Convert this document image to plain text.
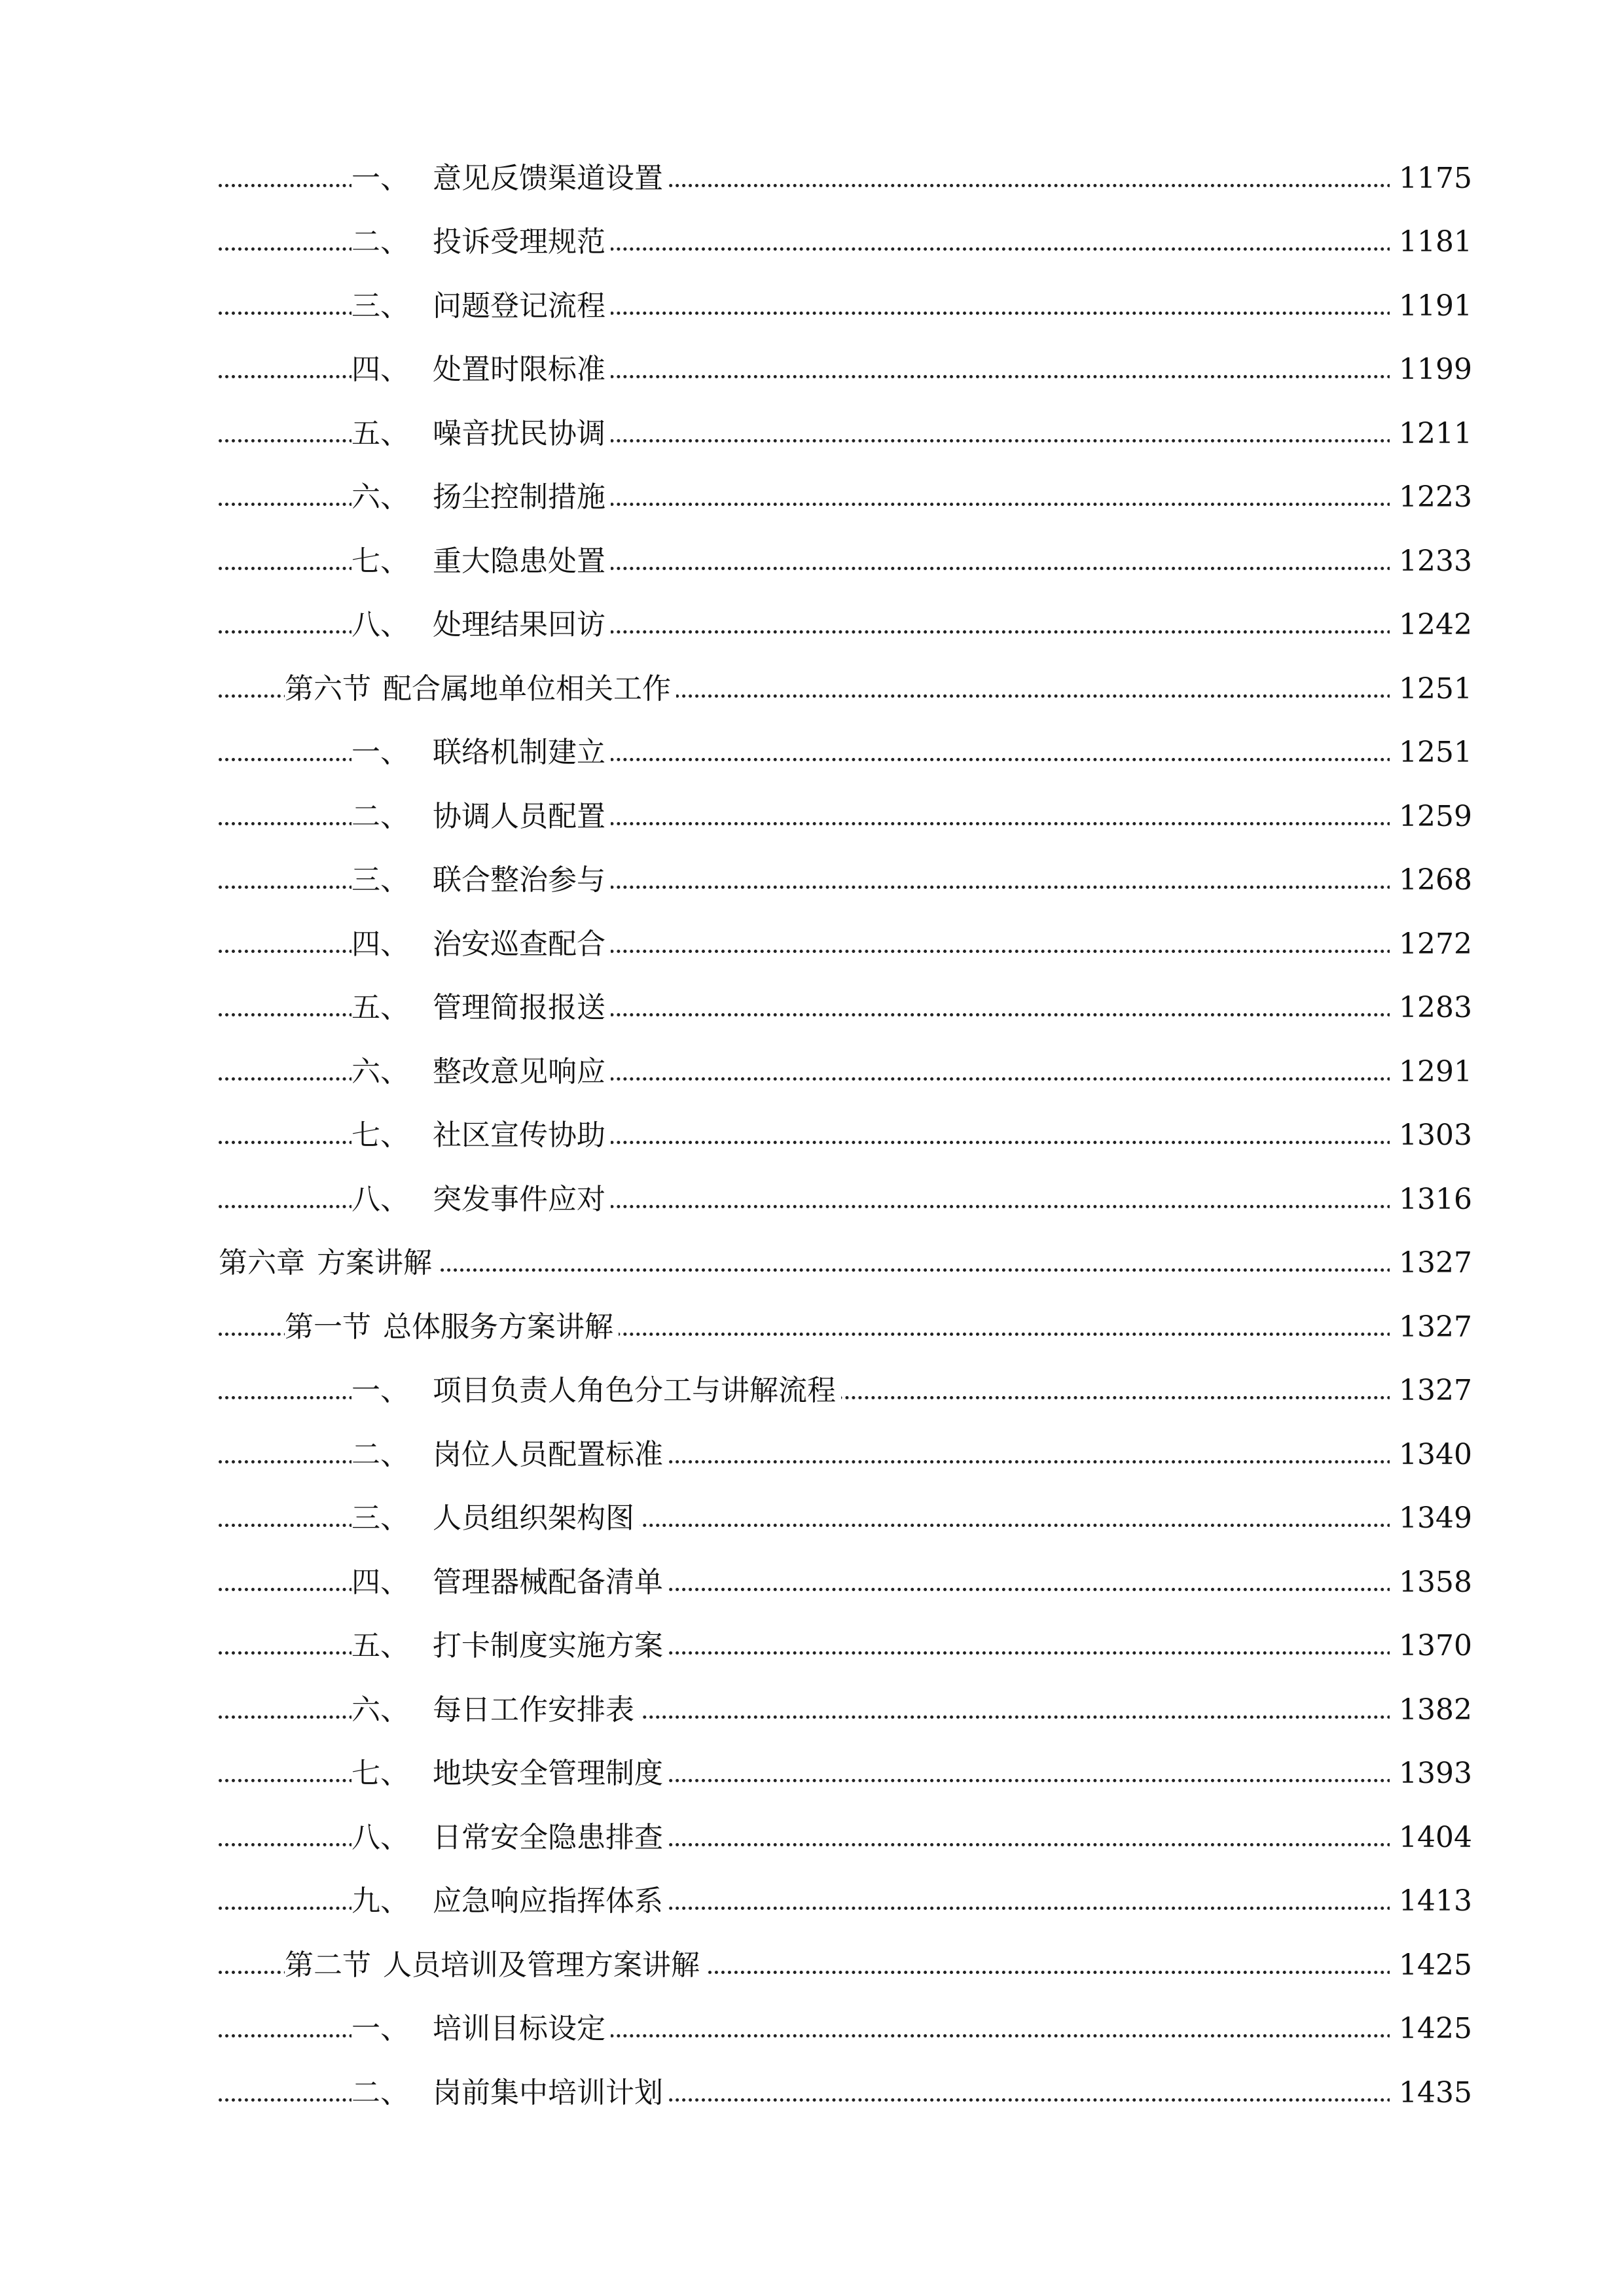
一、 意见反馈渠道设置	1175
二、 投诉受理规范	1181
三、 问题登记流程	1191
四、 处置时限标准	1199
五、 噪音扰民协调	1211
六、 扬尘控制措施	1223
七、 重大隐患处置	1233
八、 处理结果回访	1242
第六节 配合属地单位相关工作	1251
一、 联络机制建立	1251
二、 协调人员配置	1259
三、 联合整治参与	1268
四、 治安巡查配合	1272
五、 管理简报报送	1283
六、 整改意见响应	1291
七、 社区宣传协助	1303
八、 突发事件应对	1316
第六章 方案讲解	1327
第一节 总体服务方案讲解	1327
一、 项目负责人角色分工与讲解流程	1327
二、 岗位人员配置标准	1340
三、 人员组织架构图	1349
四、 管理器械配备清单	1358
五、 打卡制度实施方案	1370
六、 每日工作安排表	1382
七、 地块安全管理制度	1393
八、 日常安全隐患排查	1404
九、 应急响应指挥体系	1413
第二节 人员培训及管理方案讲解	1425
一、 培训目标设定	1425
二、 岗前集中培训计划	1435
